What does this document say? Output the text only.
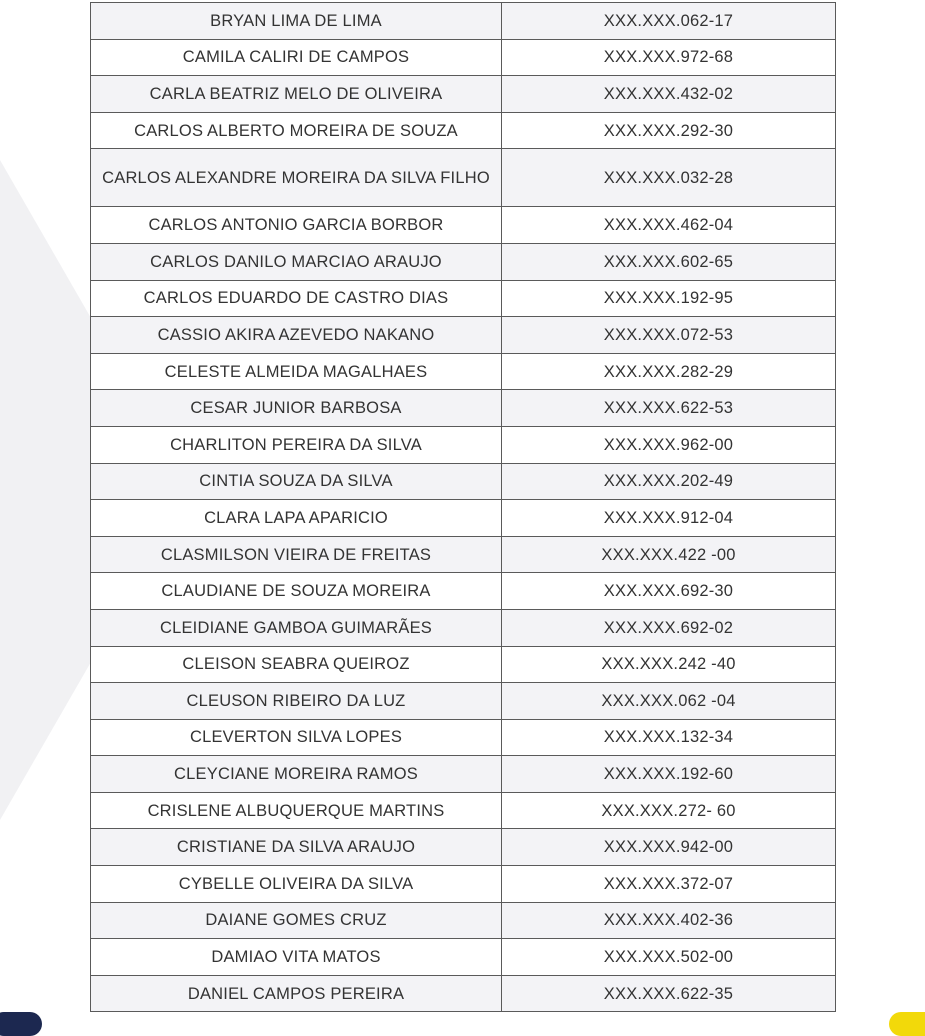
BRYAN LIMA DE LIMA	XXX.XXX.062-17
CAMILA CALIRI DE CAMPOS	XXX.XXX.972-68
CARLA BEATRIZ MELO DE OLIVEIRA	XXX.XXX.432-02
CARLOS ALBERTO MOREIRA DE SOUZA	XXX.XXX.292-30
CARLOS ALEXANDRE MOREIRA DA SILVA FILHO	XXX.XXX.032-28
CARLOS ANTONIO GARCIA BORBOR	XXX.XXX.462-04
CARLOS DANILO MARCIAO ARAUJO	XXX.XXX.602-65
CARLOS EDUARDO DE CASTRO DIAS	XXX.XXX.192-95
CASSIO AKIRA AZEVEDO NAKANO	XXX.XXX.072-53
CELESTE ALMEIDA MAGALHAES	XXX.XXX.282-29
CESAR JUNIOR BARBOSA	XXX.XXX.622-53
CHARLITON PEREIRA DA SILVA	XXX.XXX.962-00
CINTIA SOUZA DA SILVA	XXX.XXX.202-49
CLARA LAPA APARICIO	XXX.XXX.912-04
CLASMILSON VIEIRA DE FREITAS	XXX.XXX.422 -00
CLAUDIANE DE SOUZA MOREIRA	XXX.XXX.692-30
CLEIDIANE GAMBOA GUIMARÃES	XXX.XXX.692-02
CLEISON SEABRA QUEIROZ	XXX.XXX.242 -40
CLEUSON RIBEIRO DA LUZ	XXX.XXX.062 -04
CLEVERTON SILVA LOPES	XXX.XXX.132-34
CLEYCIANE MOREIRA RAMOS	XXX.XXX.192-60
CRISLENE ALBUQUERQUE MARTINS	XXX.XXX.272- 60
CRISTIANE DA SILVA ARAUJO	XXX.XXX.942-00
CYBELLE OLIVEIRA DA SILVA	XXX.XXX.372-07
DAIANE GOMES CRUZ	XXX.XXX.402-36
DAMIAO VITA MATOS	XXX.XXX.502-00
DANIEL CAMPOS PEREIRA	XXX.XXX.622-35
